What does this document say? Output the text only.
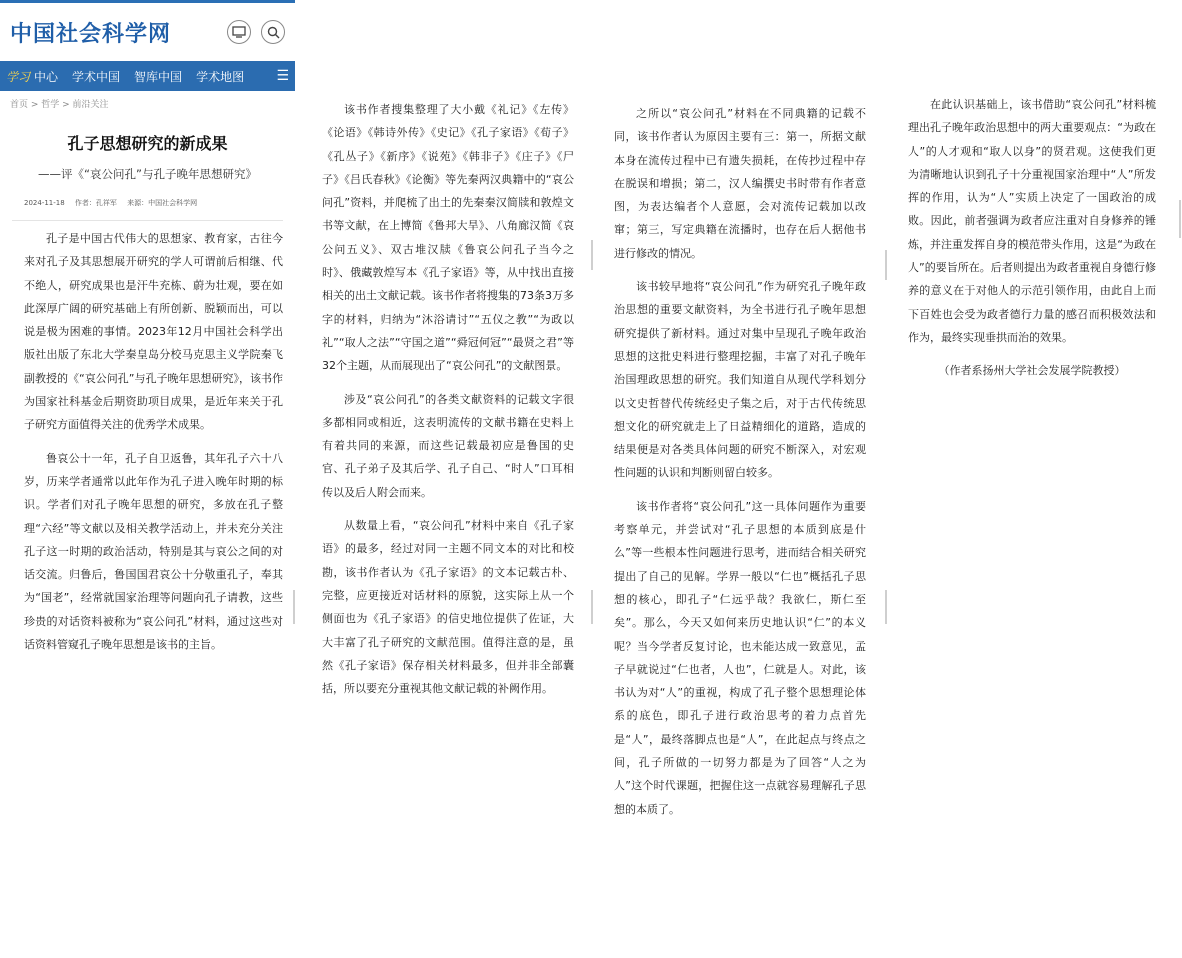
中国社会科学网
学习 中心 学术中国 智库中国 学术地图 ☰
首页 > 哲学 > 前沿关注
孔子思想研究的新成果
——评《“哀公问孔”与孔子晚年思想研究》
2024-11-18 作者：孔祥军 来源：中国社会科学网

孔子是中国古代伟大的思想家、教育家，古往今来对孔子及其思想展开研究的学人可谓前后相继、代不绝人，研究成果也是汗牛充栋、蔚为壮观，要在如此深厚广阔的研究基础上有所创新、脱颖而出，可以说是极为困难的事情。2023年12月中国社会科学出版社出版了东北大学秦皇岛分校马克思主义学院秦飞副教授的《“哀公问孔”与孔子晚年思想研究》，该书作为国家社科基金后期资助项目成果，是近年来关于孔子研究方面值得关注的优秀学术成果。

鲁哀公十一年，孔子自卫返鲁，其年孔子六十八岁，历来学者通常以此年作为孔子进入晚年时期的标识。学者们对孔子晚年思想的研究，多放在孔子整理“六经”等文献以及相关教学活动上，并未充分关注孔子这一时期的政治活动，特别是其与哀公之间的对话交流。归鲁后，鲁国国君哀公十分敬重孔子，奉其为“国老”，经常就国家治理等问题向孔子请教，这些珍贵的对话资料被称为“哀公问孔”材料，通过这些对话资料管窥孔子晚年思想是该书的主旨。

该书作者搜集整理了大小戴《礼记》《左传》《论语》《韩诗外传》《史记》《孔子家语》《荀子》《孔丛子》《新序》《说苑》《韩非子》《庄子》《尸子》《吕氏春秋》《论衡》等先秦两汉典籍中的“哀公问孔”资料，并爬梳了出土的先秦秦汉简牍和敦煌文书等文献，在上博简《鲁邦大旱》、八角廊汉简《哀公问五义》、双古堆汉牍《鲁哀公问孔子当今之时》、俄藏敦煌写本《孔子家语》等，从中找出直接相关的出土文献记载。该书作者将搜集的73条3万多字的材料，归纳为“沐浴请讨”“五仪之教”“为政以礼”“取人之法”“守国之道”“舜冠何冠”“最贤之君”等32个主题，从而展现出了“哀公问孔”的文献图景。

涉及“哀公问孔”的各类文献资料的记载文字很多都相同或相近，这表明流传的文献书籍在史料上有着共同的来源，而这些记载最初应是鲁国的史官、孔子弟子及其后学、孔子自己、“时人”口耳相传以及后人附会而来。

从数量上看，“哀公问孔”材料中来自《孔子家语》的最多，经过对同一主题不同文本的对比和校勘，该书作者认为《孔子家语》的文本记载古朴、完整，应更接近对话材料的原貌，这实际上从一个侧面也为《孔子家语》的信史地位提供了佐证，大大丰富了孔子研究的文献范围。值得注意的是，虽然《孔子家语》保存相关材料最多，但并非全部囊括，所以要充分重视其他文献记载的补阙作用。

之所以“哀公问孔”材料在不同典籍的记载不同，该书作者认为原因主要有三：第一，所据文献本身在流传过程中已有遗失损耗，在传抄过程中存在脱误和增损；第二，汉人编撰史书时带有作者意图，为表达编者个人意愿，会对流传记载加以改窜；第三，写定典籍在流播时，也存在后人据他书进行修改的情况。

该书较早地将“哀公问孔”作为研究孔子晚年政治思想的重要文献资料，为全书进行孔子晚年思想研究提供了新材料。通过对集中呈现孔子晚年政治思想的这批史料进行整理挖掘，丰富了对孔子晚年治国理政思想的研究。我们知道自从现代学科划分以文史哲替代传统经史子集之后，对于古代传统思想文化的研究就走上了日益精细化的道路，造成的结果便是对各类具体问题的研究不断深入，对宏观性问题的认识和判断则留白较多。

该书作者将“哀公问孔”这一具体问题作为重要考察单元，并尝试对“孔子思想的本质到底是什么”等一些根本性问题进行思考，进而结合相关研究提出了自己的见解。学界一般以“仁也”概括孔子思想的核心，即孔子“仁远乎哉？我欲仁，斯仁至矣”。那么，今天又如何来历史地认识“仁”的本义呢？当今学者反复讨论，也未能达成一致意见，孟子早就说过“仁也者，人也”，仁就是人。对此，该书认为对“人”的重视，构成了孔子整个思想理论体系的底色，即孔子进行政治思考的着力点首先是“人”，最终落脚点也是“人”，在此起点与终点之间，孔子所做的一切努力都是为了回答“人之为人”这个时代课题，把握住这一点就容易理解孔子思想的本质了。

在此认识基础上，该书借助“哀公问孔”材料梳理出孔子晚年政治思想中的两大重要观点：“为政在人”的人才观和“取人以身”的贤君观。这使我们更为清晰地认识到孔子十分重视国家治理中“人”所发挥的作用，认为“人”实质上决定了一国政治的成败。因此，前者强调为政者应注重对自身修养的锤炼，并注重发挥自身的模范带头作用，这是“为政在人”的要旨所在。后者则提出为政者重视自身德行修养的意义在于对他人的示范引领作用，由此自上而下百姓也会受为政者德行力量的感召而积极效法和作为，最终实现垂拱而治的效果。

（作者系扬州大学社会发展学院教授）
